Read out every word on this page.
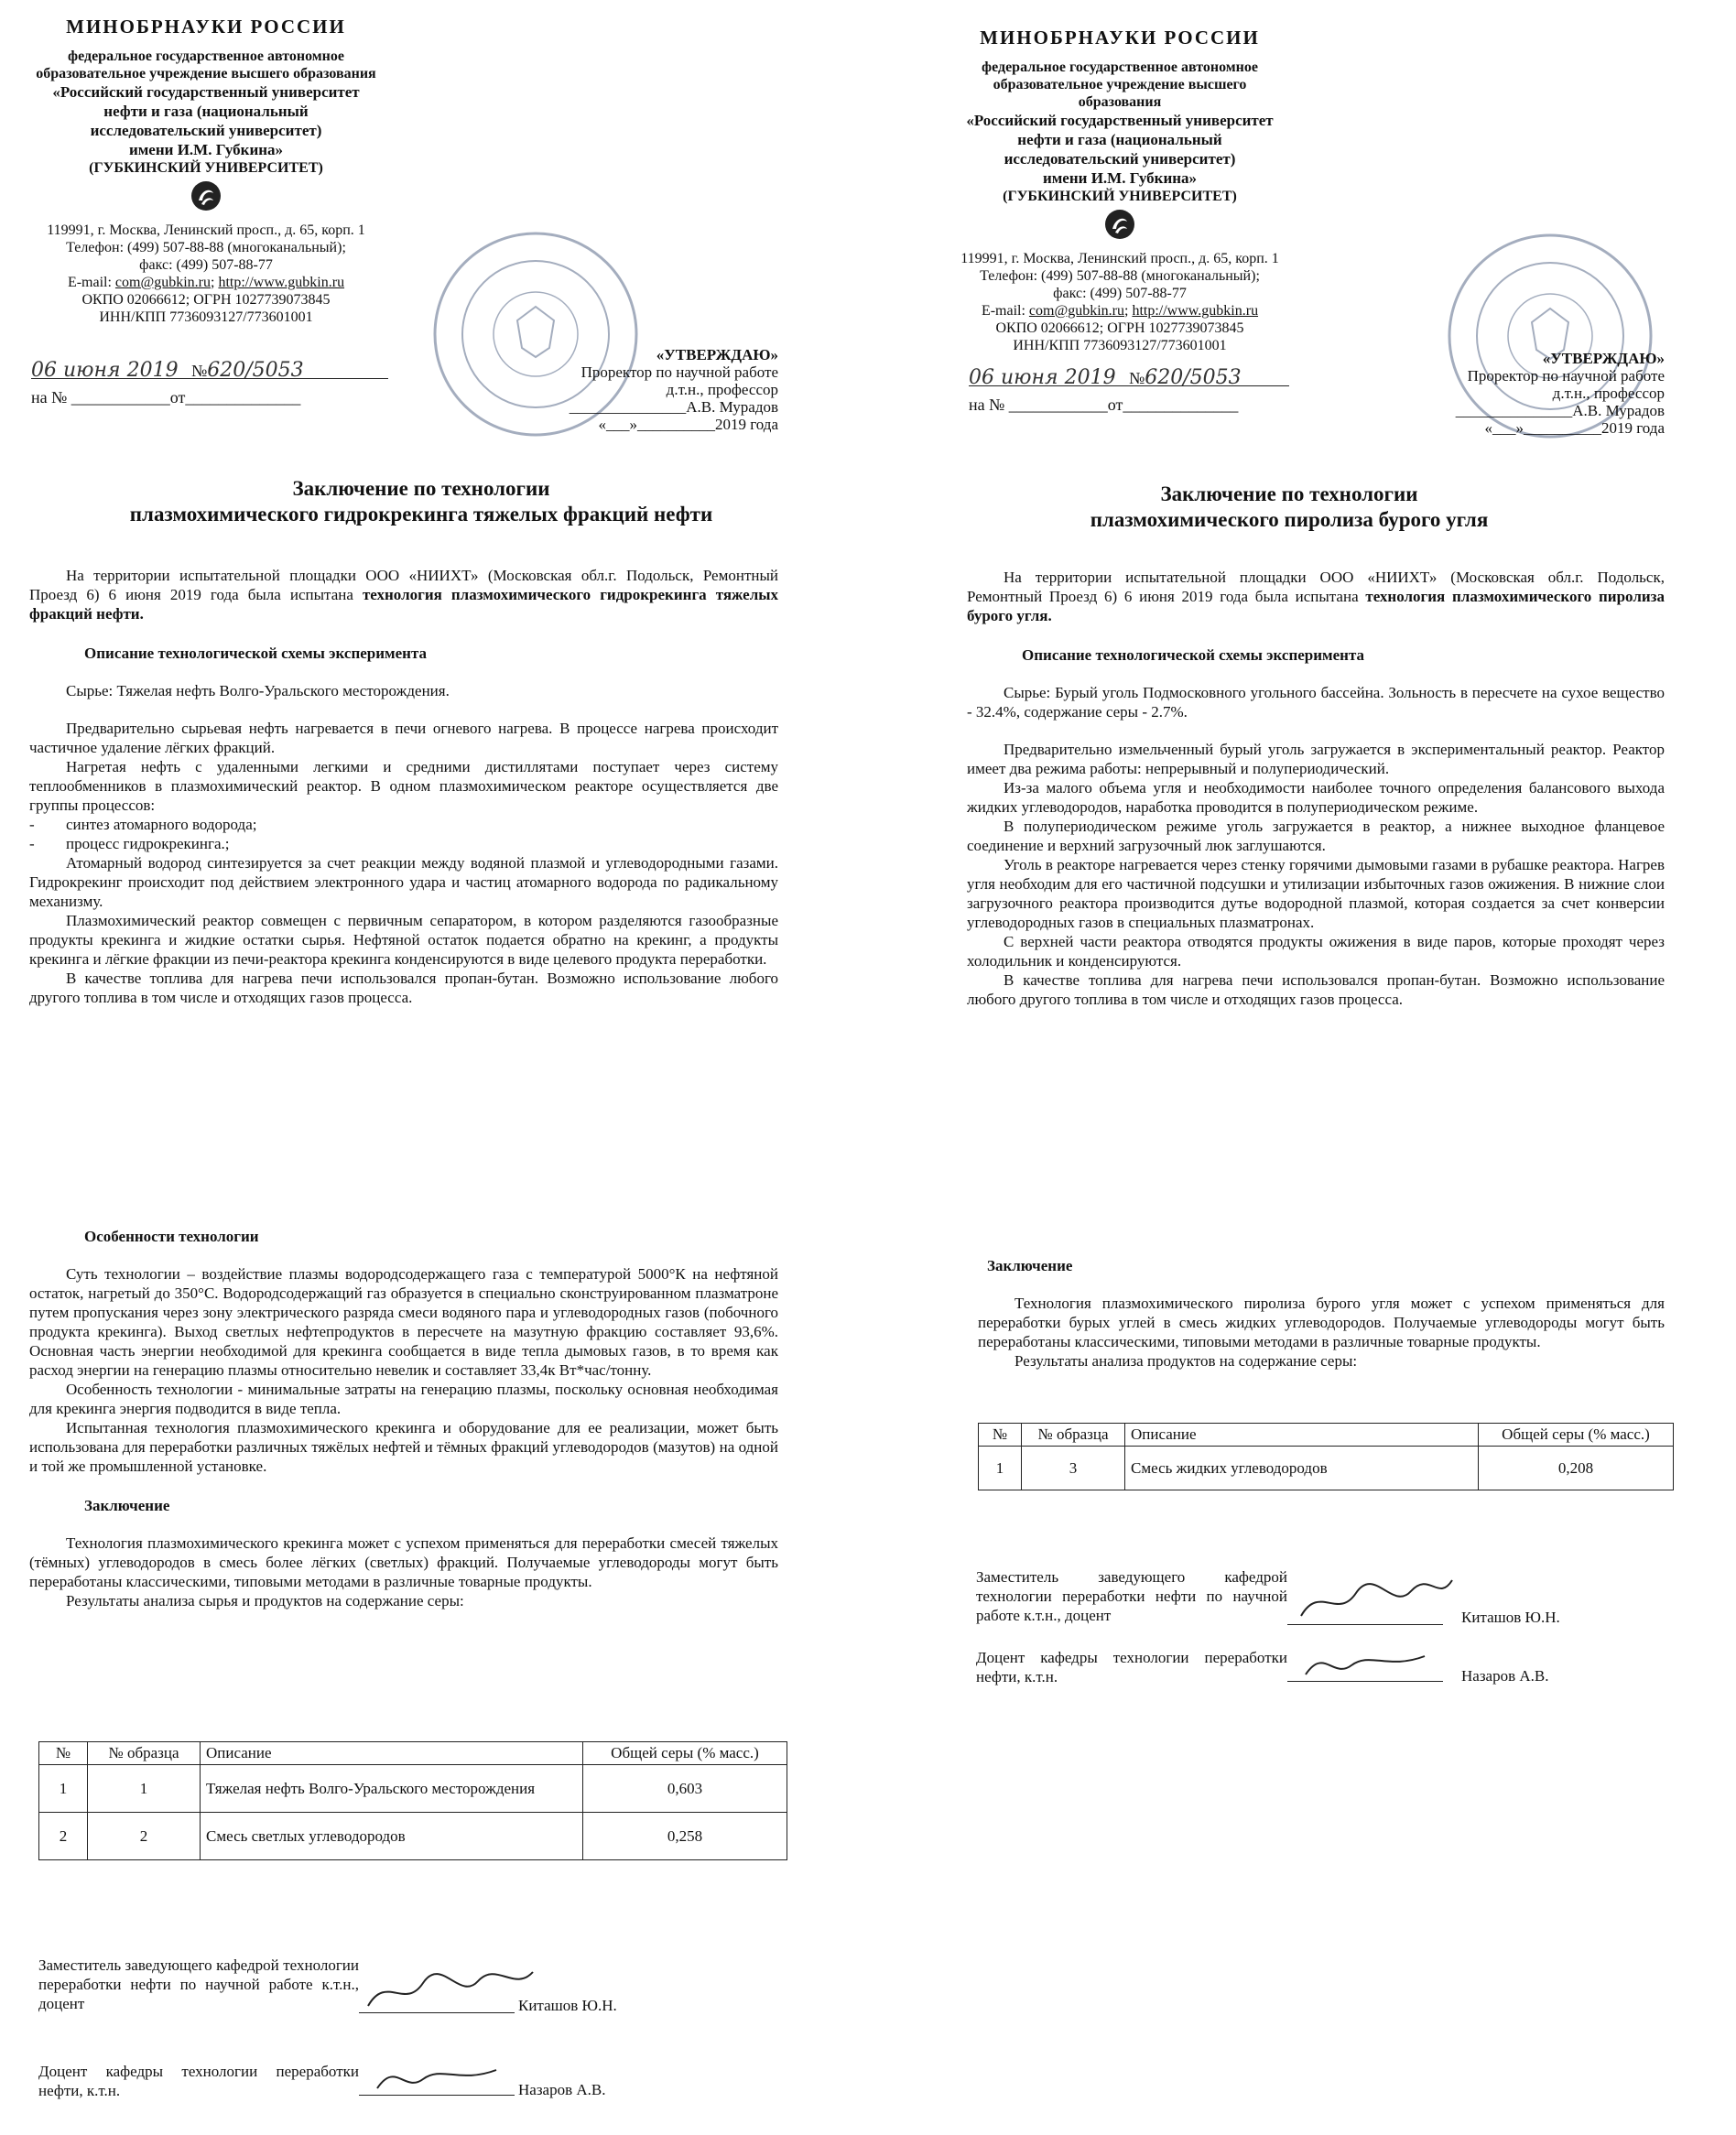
МИНОБРНАУКИ РОССИИ
федеральное государственное автономное
образовательное учреждение высшего образования
«Российский государственный университет
нефти и газа (национальный
исследовательский университет)
имени И.М. Губкина»
(ГУБКИНСКИЙ УНИВЕРСИТЕТ)
119991, г. Москва, Ленинский просп., д. 65, корп. 1
Телефон: (499) 507-88-88 (многоканальный);
факс: (499) 507-88-77
E-mail: com@gubkin.ru; http://www.gubkin.ru
ОКПО 02066612; ОГРН 1027739073845
ИНН/КПП 7736093127/773601001
06 июня 2019 №620/5053
на № ____________от______________
«УТВЕРЖДАЮ»
Проректор по научной работе
д.т.н., профессор
_______________А.В. Мурадов
«___»__________2019 года
Заключение по технологии
плазмохимического гидрокрекинга тяжелых фракций нефти

На территории испытательной площадки ООО «НИИХТ» (Московская обл.г. Подольск, Ремонтный Проезд 6) 6 июня 2019 года была испытана технология плазмохимического гидрокрекинга тяжелых фракций нефти.

Описание технологической схемы эксперимента

Сырье: Тяжелая нефть Волго-Уральского месторождения.

Предварительно сырьевая нефть нагревается в печи огневого нагрева. В процессе нагрева происходит частичное удаление лёгких фракций.

Нагретая нефть с удаленными легкими и средними дистиллятами поступает через систему теплообменников в плазмохимический реактор. В одном плазмохимическом реакторе осуществляется две группы процессов:

- синтез атомарного водорода;
- процесс гидрокрекинга.;

Атомарный водород синтезируется за счет реакции между водяной плазмой и углеводородными газами. Гидрокрекинг происходит под действием электронного удара и частиц атомарного водорода по радикальному механизму.

Плазмохимический реактор совмещен с первичным сепаратором, в котором разделяются газообразные продукты крекинга и жидкие остатки сырья. Нефтяной остаток подается обратно на крекинг, а продукты крекинга и лёгкие фракции из печи-реактора крекинга конденсируются в виде целевого продукта переработки.

В качестве топлива для нагрева печи использовался пропан-бутан. Возможно использование любого другого топлива в том числе и отходящих газов процесса.

Особенности технологии

Суть технологии – воздействие плазмы водородсодержащего газа с температурой 5000°К на нефтяной остаток, нагретый до 350°С. Водородсодержащий газ образуется в специально сконструированном плазматроне путем пропускания через зону электрического разряда смеси водяного пара и углеводородных газов (побочного продукта крекинга). Выход светлых нефтепродуктов в пересчете на мазутную фракцию составляет 93,6%. Основная часть энергии необходимой для крекинга сообщается в виде тепла дымовых газов, в то время как расход энергии на генерацию плазмы относительно невелик и составляет 33,4к Вт*час/тонну.

Особенность технологии - минимальные затраты на генерацию плазмы, поскольку основная необходимая для крекинга энергия подводится в виде тепла.

Испытанная технология плазмохимического крекинга и оборудование для ее реализации, может быть использована для переработки различных тяжёлых нефтей и тёмных фракций углеводородов (мазутов) на одной и той же промышленной установке.

Заключение

Технология плазмохимического крекинга может с успехом применяться для переработки смесей тяжелых (тёмных) углеводородов в смесь более лёгких (светлых) фракций. Получаемые углеводороды могут быть переработаны классическими, типовыми методами в различные товарные продукты.

Результаты анализа сырья и продуктов на содержание серы:

№	№ образца	Описание	Общей серы (% масс.)
1	1	Тяжелая нефть Волго-Уральского месторождения	0,603
2	2	Смесь светлых углеводородов	0,258
Заместитель заведующего кафедрой технологии переработки нефти по научной работе к.т.н., доцент	Киташов Ю.Н.
Доцент кафедры технологии переработки нефти, к.т.н.	Назаров А.В.
МИНОБРНАУКИ РОССИИ
федеральное государственное автономное
образовательное учреждение высшего образования
«Российский государственный университет
нефти и газа (национальный
исследовательский университет)
имени И.М. Губкина»
(ГУБКИНСКИЙ УНИВЕРСИТЕТ)
119991, г. Москва, Ленинский просп., д. 65, корп. 1
Телефон: (499) 507-88-88 (многоканальный);
факс: (499) 507-88-77
E-mail: com@gubkin.ru; http://www.gubkin.ru
ОКПО 02066612; ОГРН 1027739073845
ИНН/КПП 7736093127/773601001
06 июня 2019 №620/5053
на № ____________от______________
«УТВЕРЖДАЮ»
Проректор по научной работе
д.т.н., профессор
_______________А.В. Мурадов
«___»__________2019 года
Заключение по технологии
плазмохимического пиролиза бурого угля

На территории испытательной площадки ООО «НИИХТ» (Московская обл.г. Подольск, Ремонтный Проезд 6) 6 июня 2019 года была испытана технология плазмохимического пиролиза бурого угля.

Описание технологической схемы эксперимента

Сырье: Бурый уголь Подмосковного угольного бассейна. Зольность в пересчете на сухое вещество - 32.4%, содержание серы - 2.7%.

Предварительно измельченный бурый уголь загружается в экспериментальный реактор. Реактор имеет два режима работы: непрерывный и полупериодический.

Из-за малого объема угля и необходимости наиболее точного определения балансового выхода жидких углеводородов, наработка проводится в полупериодическом режиме.

В полупериодическом режиме уголь загружается в реактор, а нижнее выходное фланцевое соединение и верхний загрузочный люк заглушаются.

Уголь в реакторе нагревается через стенку горячими дымовыми газами в рубашке реактора. Нагрев угля необходим для его частичной подсушки и утилизации избыточных газов ожижения. В нижние слои загрузочного реактора производится дутье водородной плазмой, которая создается за счет конверсии углеводородных газов в специальных плазматронах.

С верхней части реактора отводятся продукты ожижения в виде паров, которые проходят через холодильник и конденсируются.

В качестве топлива для нагрева печи использовался пропан-бутан. Возможно использование любого другого топлива в том числе и отходящих газов процесса.

Заключение

Технология плазмохимического пиролиза бурого угля может с успехом применяться для переработки бурых углей в смесь жидких углеводородов. Получаемые углеводороды могут быть переработаны классическими, типовыми методами в различные товарные продукты.

Результаты анализа продуктов на содержание серы:

№	№ образца	Описание	Общей серы (% масс.)
1	3	Смесь жидких углеводородов	0,208
Заместитель заведующего кафедрой технологии переработки нефти по научной работе к.т.н., доцент	Киташов Ю.Н.
Доцент кафедры технологии переработки нефти, к.т.н.	Назаров А.В.
